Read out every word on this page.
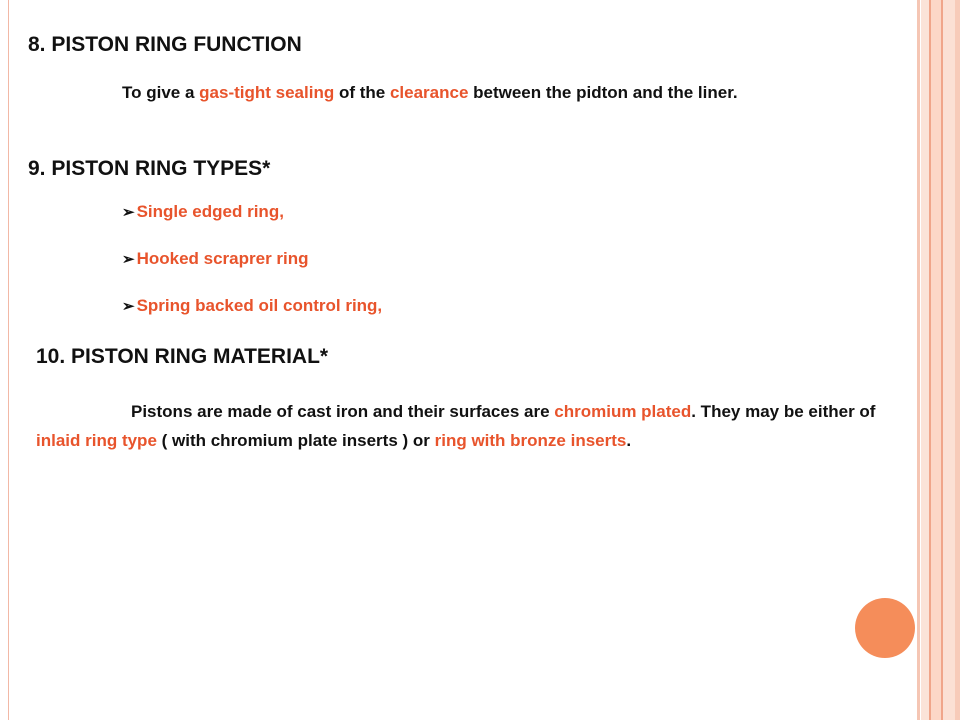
8. PISTON RING FUNCTION

To give a gas-tight sealing of the clearance between the pidton and the liner.

9. PISTON RING TYPES*
➢ Single edged ring,
➢ Hooked scraprer ring
➢ Spring backed oil control ring,
10. PISTON RING MATERIAL*

Pistons are made of cast iron and their surfaces are chromium plated. They may be either of inlaid ring type ( with chromium plate inserts ) or ring with bronze inserts.
